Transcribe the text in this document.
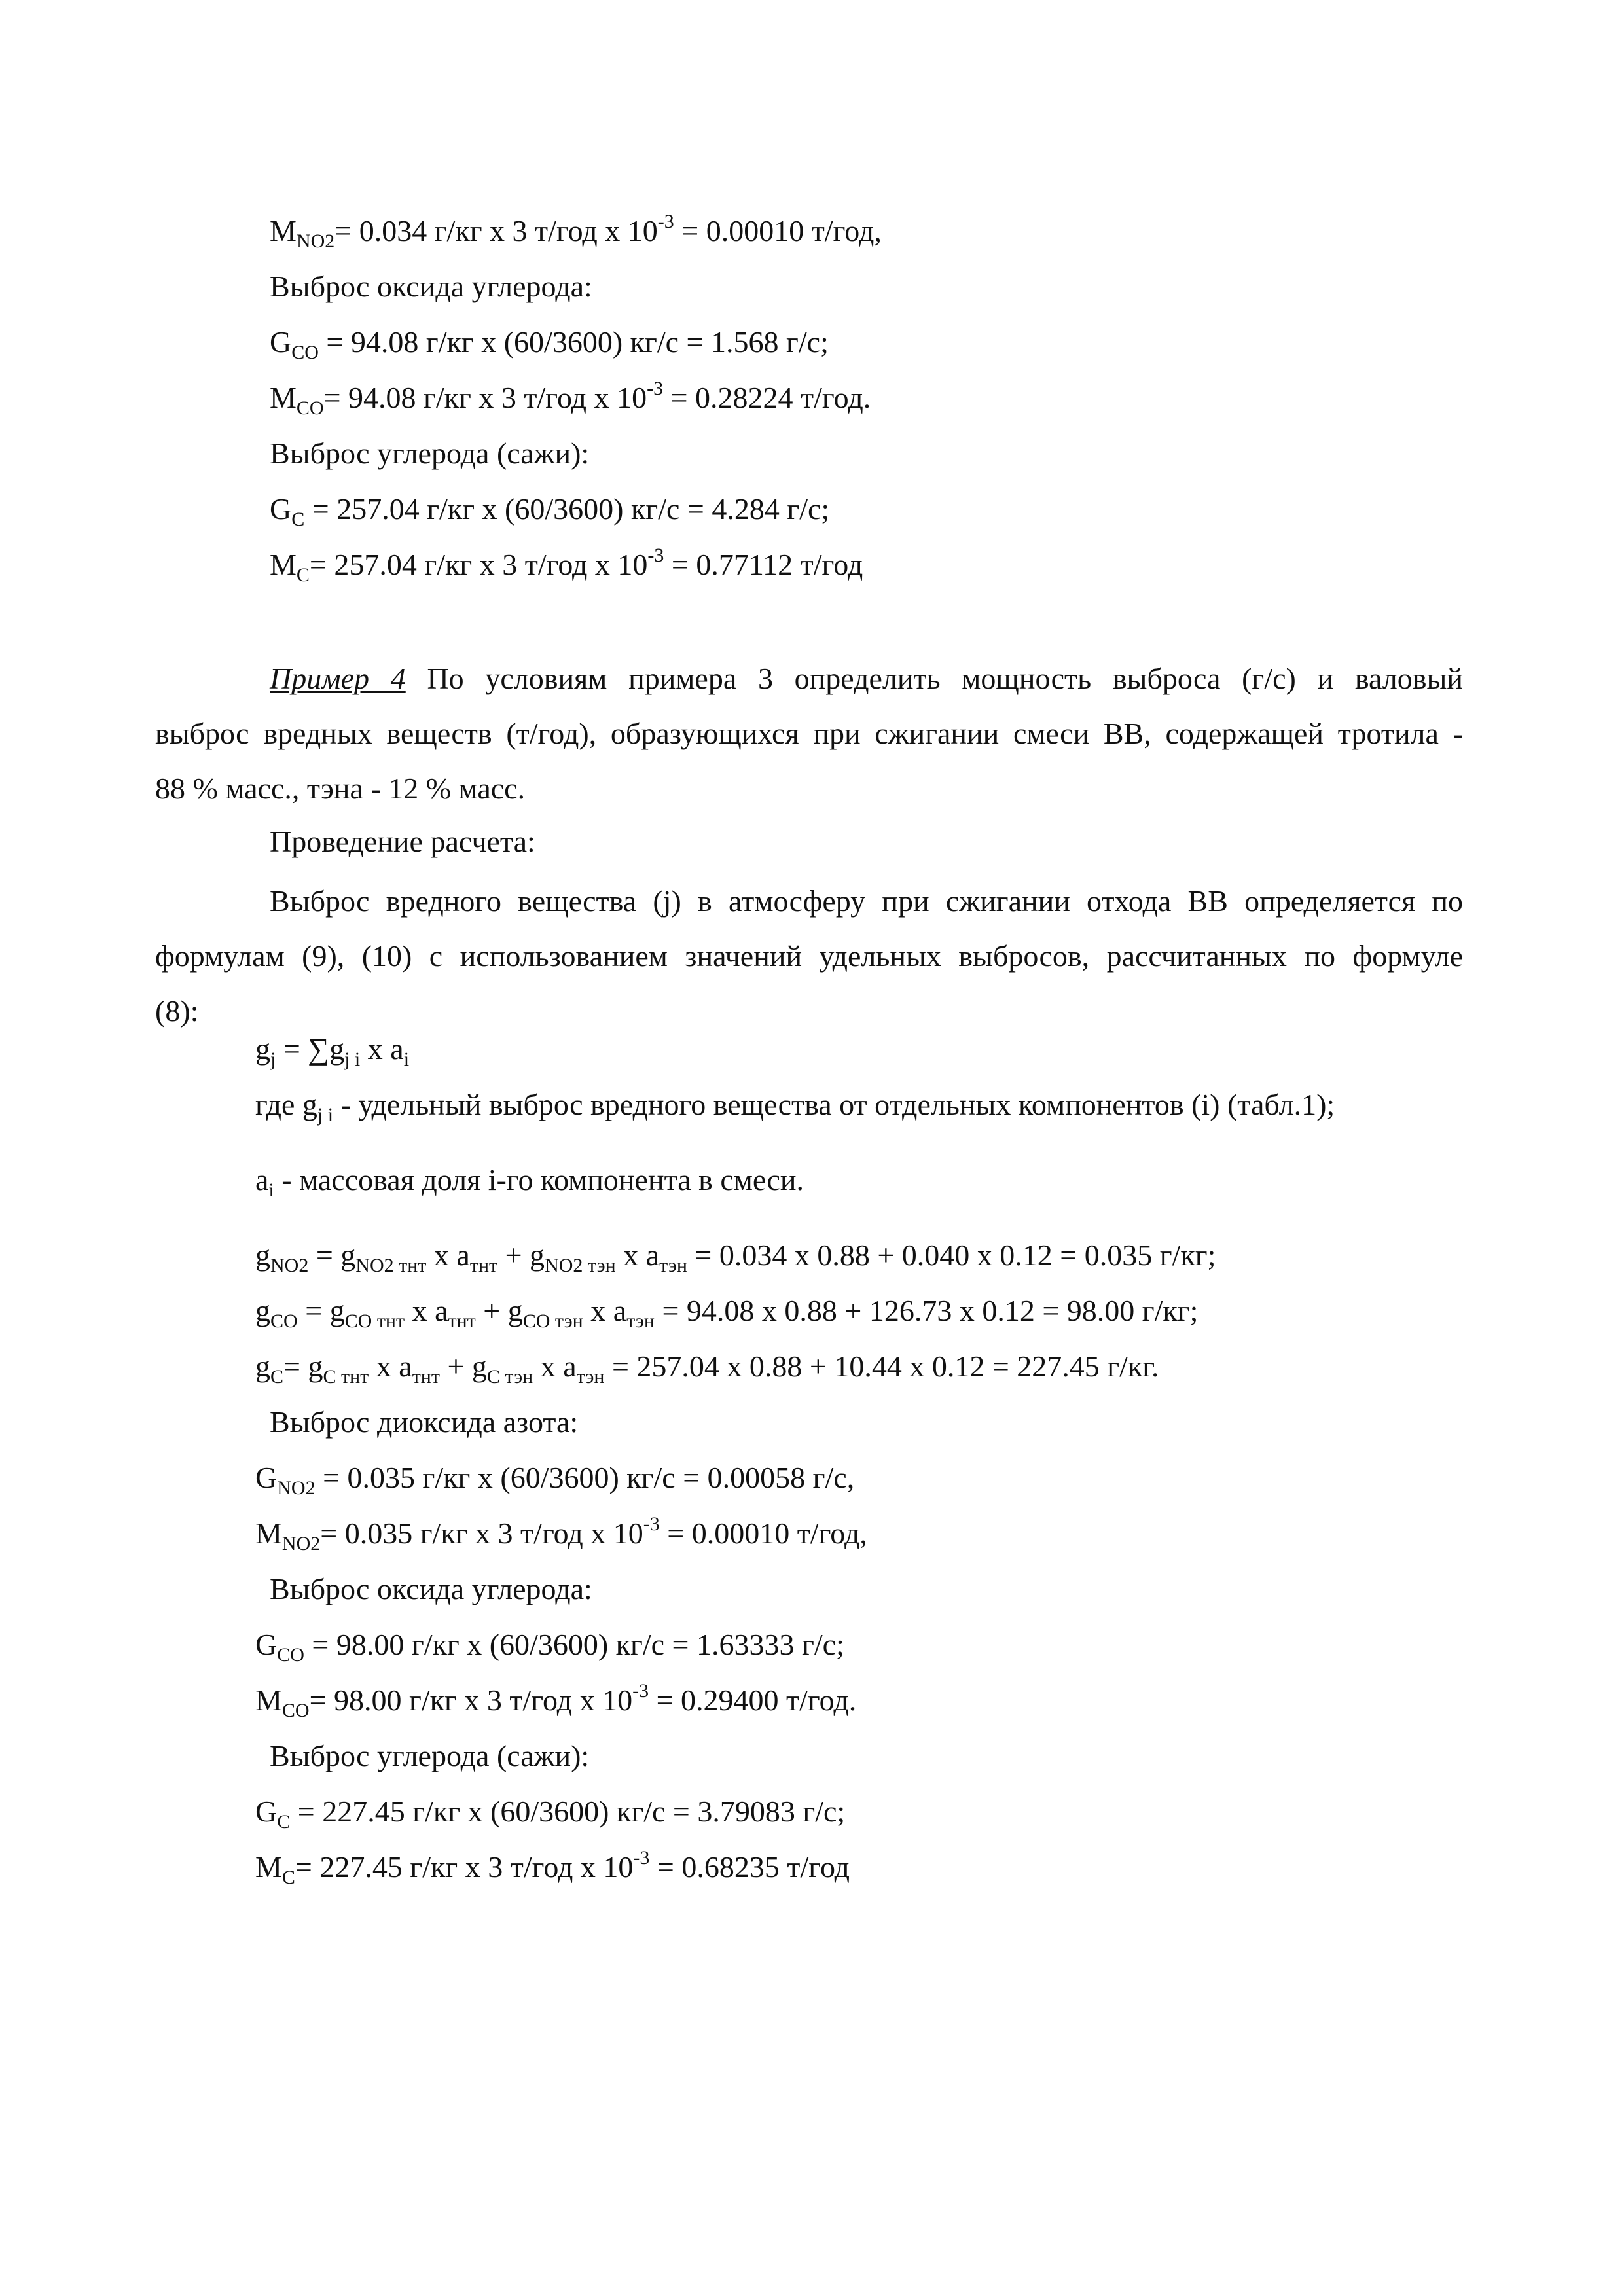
$M_{NO2}= 0.034$ г/кг х 3 т/год х $10^{-3} = 0.00010$ т/год,
Выброс оксида углерода:
$G_{CO} = 94.08$ г/кг х (60/3600) кг/с = 1.568 г/с;
$M_{CO}= 94.08$ г/кг х 3 т/год х $10^{-3} = 0.28224$ т/год.
Выброс углерода (сажи):
$G_C = 257.04$ г/кг х (60/3600) кг/с = 4.284 г/с;
$M_C= 257.04$ г/кг х 3 т/год х $10^{-3} = 0.77112$ т/год
Пример 4 По условиям примера 3 определить мощность выброса (г/с) и валовый
выброс вредных веществ (т/год), образующихся при сжигании смеси ВВ, содержащей тротила -
88 % масс., тэна - 12 % масс.
Проведение расчета:
Выброс вредного вещества (j) в атмосферу при сжигании отхода ВВ определяется по
формулам (9), (10) с использованием значений удельных выбросов, рассчитанных по формуле
(8):
$g_j = \sum g_{j i}$ х $a_i$
где $g_{j i}$ - удельный выброс вредного вещества от отдельных компонентов (i) (табл.1);
$a_i$ - массовая доля i-го компонента в смеси.
$g_{NO2} = g_{NO2 тнт}$ х $a_{тнт} + g_{NO2 тэн}$ х $a_{тэн} = 0.034$ х 0.88 + 0.040 х 0.12 = 0.035 г/кг;
$g_{CO} = g_{CO тнт}$ х $a_{тнт} + g_{CO тэн}$ х $a_{тэн} = 94.08$ х 0.88 + 126.73 х 0.12 = 98.00 г/кг;
$g_C= g_{C тнт}$ х $a_{тнт} + g_{C тэн}$ х $a_{тэн} = 257.04$ х 0.88 + 10.44 х 0.12 = 227.45 г/кг.
Выброс диоксида азота:
$G_{NO2} = 0.035$ г/кг х (60/3600) кг/с = 0.00058 г/с,
$M_{NO2}= 0.035$ г/кг х 3 т/год х $10^{-3} = 0.00010$ т/год,
Выброс оксида углерода:
$G_{CO} = 98.00$ г/кг х (60/3600) кг/с = 1.63333 г/с;
$M_{CO}= 98.00$ г/кг х 3 т/год х $10^{-3} = 0.29400$ т/год.
Выброс углерода (сажи):
$G_C = 227.45$ г/кг х (60/3600) кг/с = 3.79083 г/с;
$M_C= 227.45$ г/кг х 3 т/год х $10^{-3} = 0.68235$ т/год
